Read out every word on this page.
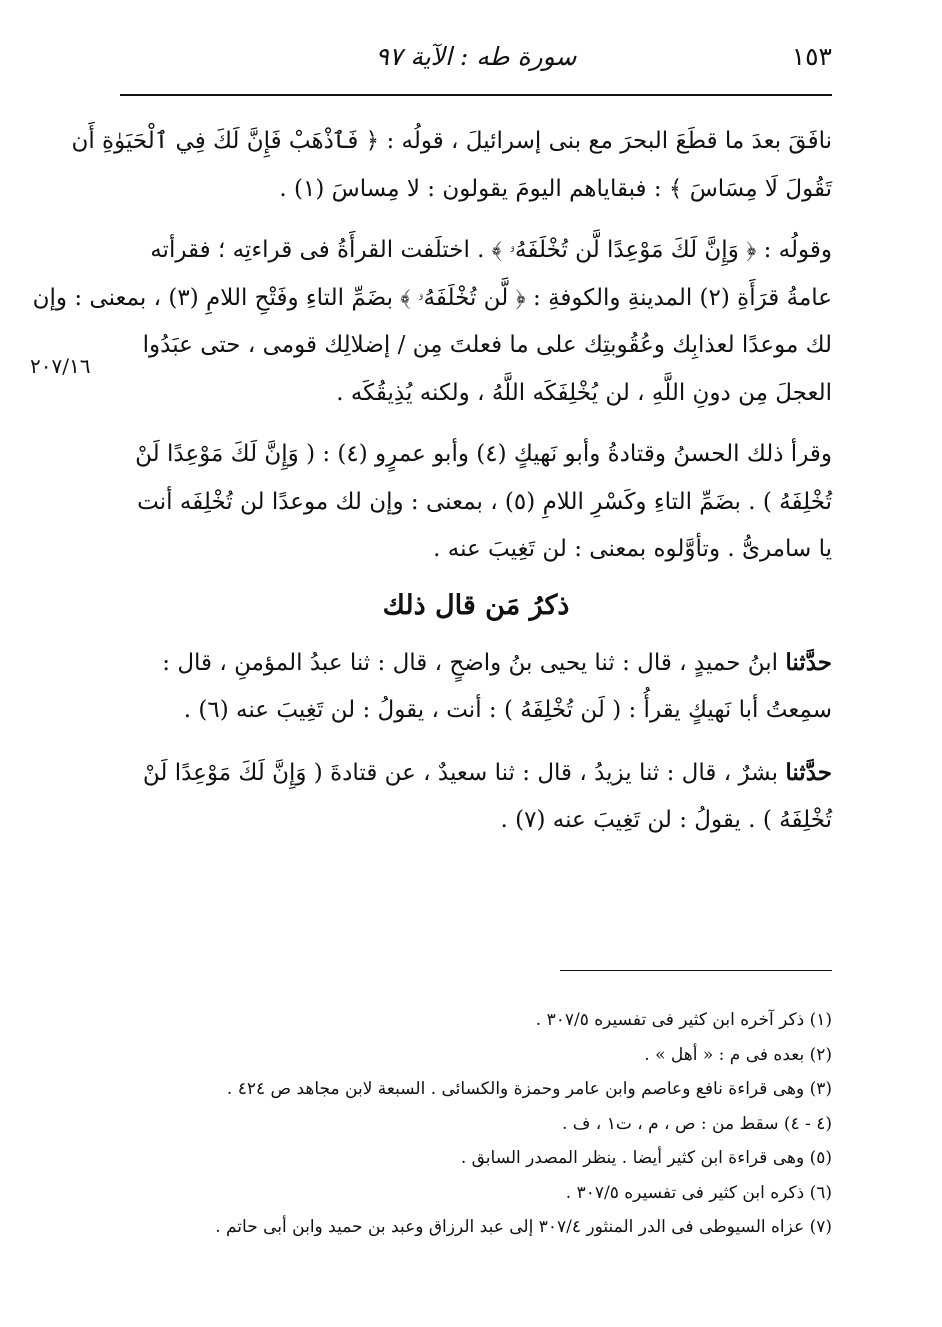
١٥٣
سورة طه : الآية ٩٧
٢٠٧/١٦
نافَقَ بعدَ ما قطَعَ البحرَ مع بنى إسرائيلَ ، قولُه : ﴿ فَٱذْهَبْ فَإِنَّ لَكَ فِي ٱلْحَيَوٰةِ أَن
تَقُولَ لَا مِسَاسَ ﴾ : فبقاياهم اليومَ يقولون : لا مِساسَ (١) .
وقولُه : ﴿ وَإِنَّ لَكَ مَوْعِدًا لَّن تُخْلَفَهُۥ ﴾ . اختلَفت القرأَةُ فى قراءتِه ؛ فقرأته
عامةُ قرَأَةِ (٢) المدينةِ والكوفةِ : ﴿ لَّن تُخْلَفَهُۥ ﴾ بضَمِّ التاءِ وفَتْحِ اللامِ (٣) ، بمعنى : وإن
لك موعدًا لعذابِك وعُقُوبتِك على ما فعلتَ مِن / إضلالِك قومى ، حتى عبَدُوا
العجلَ مِن دونِ اللَّهِ ، لن يُخْلِفَكَه اللَّهُ ، ولكنه يُذِيقُكَه .
وقرأ ذلك الحسنُ وقتادةُ وأبو نَهيكٍ (٤) وأبو عمرٍو (٤) : ( وَإِنَّ لَكَ مَوْعِدًا لَنْ
تُخْلِفَهُ ) . بضَمِّ التاءِ وكَسْرِ اللامِ (٥) ، بمعنى : وإن لك موعدًا لن تُخْلِفَه أنت
يا سامرىُّ . وتأوَّلوه بمعنى : لن تَغِيبَ عنه .
ذكرُ مَن قال ذلك
حدَّثنا ابنُ حميدٍ ، قال : ثنا يحيى بنُ واضحٍ ، قال : ثنا عبدُ المؤمنِ ، قال :
سمِعتُ أبا نَهيكٍ يقرأُ : ( لَن تُخْلِفَهُ ) : أنت ، يقولُ : لن تَغِيبَ عنه (٦) .
حدَّثنا بشرٌ ، قال : ثنا يزيدُ ، قال : ثنا سعيدٌ ، عن قتادةَ ( وَإِنَّ لَكَ مَوْعِدًا لَنْ
تُخْلِفَهُ ) . يقولُ : لن تَغِيبَ عنه (٧) .
(١) ذكر آخره ابن كثير فى تفسيره ٣٠٧/٥ .
(٢) بعده فى م : « أهل » .
(٣) وهى قراءة نافع وعاصم وابن عامر وحمزة والكسائى . السبعة لابن مجاهد ص ٤٢٤ .
(٤ - ٤) سقط من : ص ، م ، ت١ ، ف .
(٥) وهى قراءة ابن كثير أيضا . ينظر المصدر السابق .
(٦) ذكره ابن كثير فى تفسيره ٣٠٧/٥ .
(٧) عزاه السيوطى فى الدر المنثور ٣٠٧/٤ إلى عبد الرزاق وعبد بن حميد وابن أبى حاتم .
